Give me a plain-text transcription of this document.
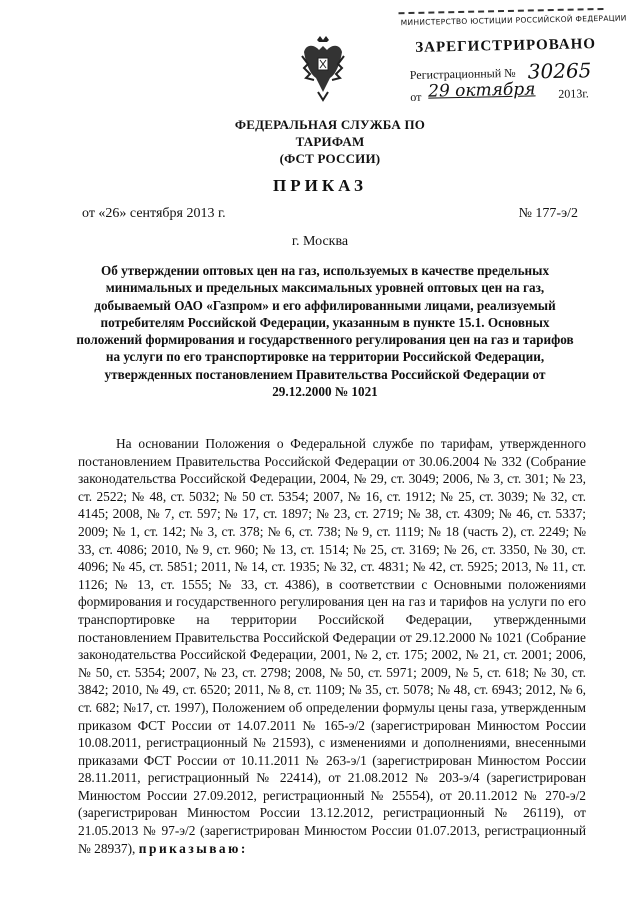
ФЕДЕРАЛЬНАЯ СЛУЖБА ПО ТАРИФАМ
(ФСТ РОССИИ)
МИНИСТЕРСТВО ЮСТИЦИИ РОССИЙСКОЙ ФЕДЕРАЦИИ
ЗАРЕГИСТРИРОВАНО
Регистрационный № 30265
от 29 октября 2013г.
ПРИКАЗ
от «26» сентября 2013 г.	№ 177-э/2
г. Москва
Об утверждении оптовых цен на газ, используемых в качестве предельных минимальных и предельных максимальных уровней оптовых цен на газ, добываемый ОАО «Газпром» и его аффилированными лицами, реализуемый потребителям Российской Федерации, указанным в пункте 15.1. Основных положений формирования и государственного регулирования цен на газ и тарифов на услуги по его транспортировке на территории Российской Федерации, утвержденных постановлением Правительства Российской Федерации от 29.12.2000 № 1021

На основании Положения о Федеральной службе по тарифам, утвержденного постановлением Правительства Российской Федерации от 30.06.2004 № 332 (Собрание законодательства Российской Федерации, 2004, № 29, ст. 3049; 2006, № 3, ст. 301; № 23, ст. 2522; № 48, ст. 5032; № 50 ст. 5354; 2007, № 16, ст. 1912; № 25, ст. 3039; № 32, ст. 4145; 2008, № 7, ст. 597; № 17, ст. 1897; № 23, ст. 2719; № 38, ст. 4309; № 46, ст. 5337; 2009; № 1, ст. 142; № 3, ст. 378; № 6, ст. 738; № 9, ст. 1119; № 18 (часть 2), ст. 2249; № 33, ст. 4086; 2010, № 9, ст. 960; № 13, ст. 1514; № 25, ст. 3169; № 26, ст. 3350, № 30, ст. 4096; № 45, ст. 5851; 2011, № 14, ст. 1935; № 32, ст. 4831; № 42, ст. 5925; 2013, № 11, ст. 1126; № 13, ст. 1555; № 33, ст. 4386), в соответствии с Основными положениями формирования и государственного регулирования цен на газ и тарифов на услуги по его транспортировке на территории Российской Федерации, утвержденными постановлением Правительства Российской Федерации от 29.12.2000 № 1021 (Собрание законодательства Российской Федерации, 2001, № 2, ст. 175; 2002, № 21, ст. 2001; 2006, № 50, ст. 5354; 2007, № 23, ст. 2798; 2008, № 50, ст. 5971; 2009, № 5, ст. 618; № 30, ст. 3842; 2010, № 49, ст. 6520; 2011, № 8, ст. 1109; № 35, ст. 5078; № 48, ст. 6943; 2012, № 6, ст. 682; №17, ст. 1997), Положением об определении формулы цены газа, утвержденным приказом ФСТ России от 14.07.2011 № 165-э/2 (зарегистрирован Минюстом России 10.08.2011, регистрационный № 21593), с изменениями и дополнениями, внесенными приказами ФСТ России от 10.11.2011 № 263-э/1 (зарегистрирован Минюстом России 28.11.2011, регистрационный № 22414), от 21.08.2012 № 203-э/4 (зарегистрирован Минюстом России 27.09.2012, регистрационный № 25554), от 20.11.2012 № 270-э/2 (зарегистрирован Минюстом России 13.12.2012, регистрационный № 26119), от 21.05.2013 № 97-э/2 (зарегистрирован Минюстом России 01.07.2013, регистрационный № 28937), приказываю:
